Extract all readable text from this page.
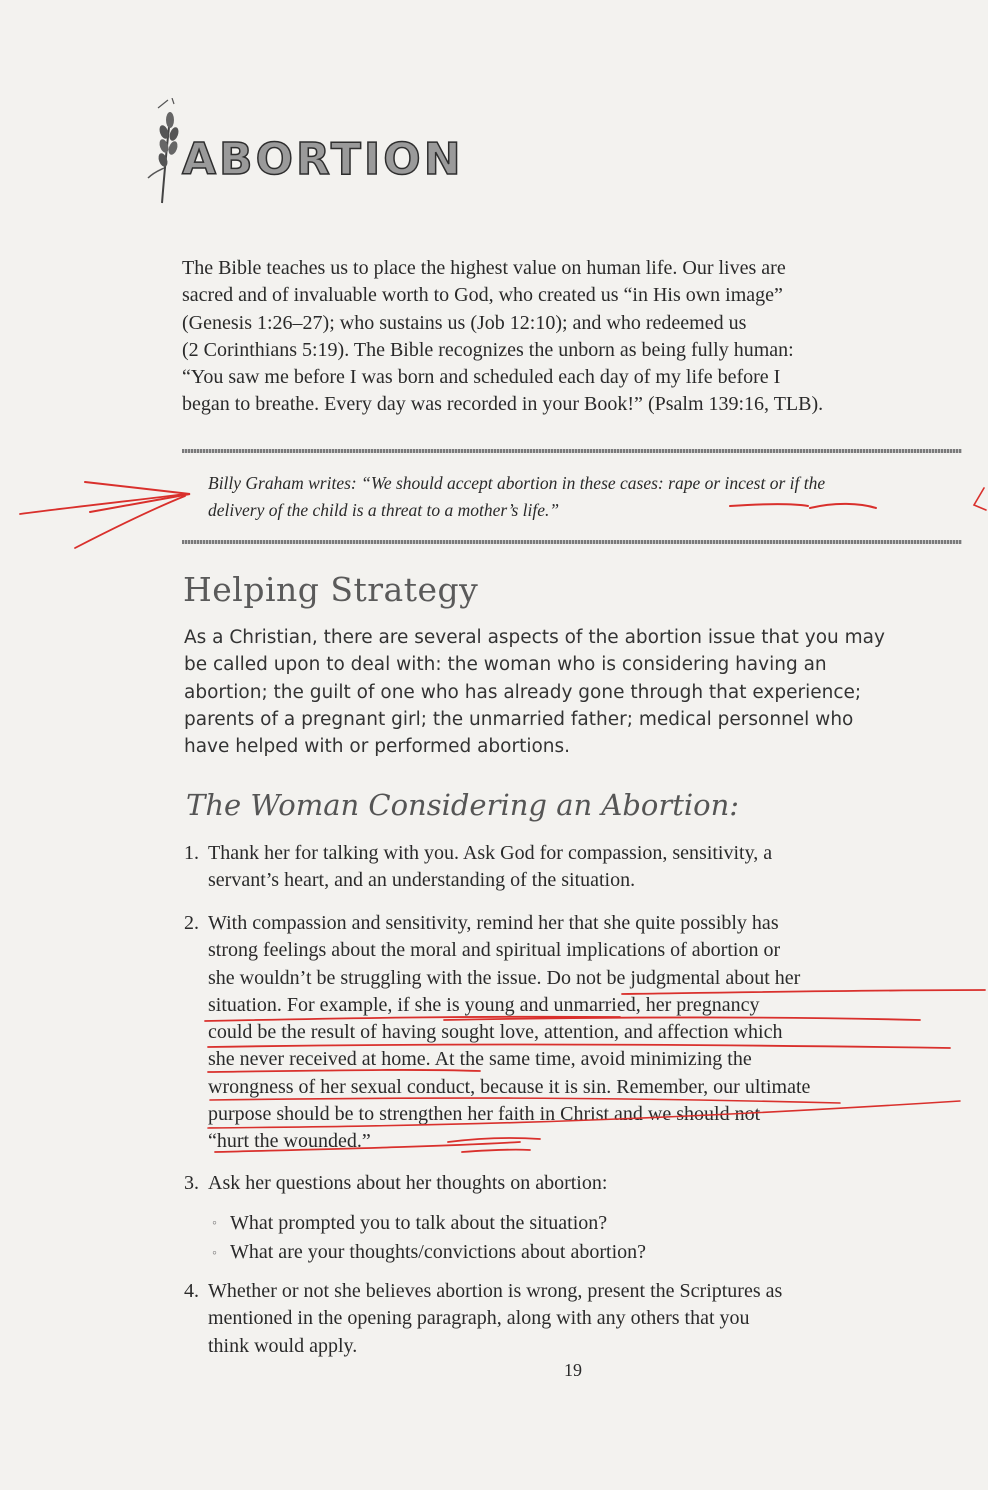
ABORTION

The Bible teaches us to place the highest value on human life. Our lives are
sacred and of invaluable worth to God, who created us “in His own image”
(Genesis 1:26–27); who sustains us (Job 12:10); and who redeemed us
(2 Corinthians 5:19). The Bible recognizes the unborn as being fully human:
“You saw me before I was born and scheduled each day of my life before I
began to breathe. Every day was recorded in your Book!” (Psalm 139:16, TLB).

Billy Graham writes: “We should accept abortion in these cases: rape or incest or if the
delivery of the child is a threat to a mother’s life.”

Helping Strategy

As a Christian, there are several aspects of the abortion issue that you may
be called upon to deal with: the woman who is considering having an
abortion; the guilt of one who has already gone through that experience;
parents of a pregnant girl; the unmarried father; medical personnel who
have helped with or performed abortions.

The Woman Considering an Abortion:
1. Thank her for talking with you. Ask God for compassion, sensitivity, a
servant’s heart, and an understanding of the situation.
2. With compassion and sensitivity, remind her that she quite possibly has
strong feelings about the moral and spiritual implications of abortion or
she wouldn’t be struggling with the issue. Do not be judgmental about her
situation. For example, if she is young and unmarried, her pregnancy
could be the result of having sought love, attention, and affection which
she never received at home. At the same time, avoid minimizing the
wrongness of her sexual conduct, because it is sin. Remember, our ultimate
purpose should be to strengthen her faith in Christ and we should not
“hurt the wounded.”
3. Ask her questions about her thoughts on abortion:
◦ What prompted you to talk about the situation?
◦ What are your thoughts/convictions about abortion?
4. Whether or not she believes abortion is wrong, present the Scriptures as
mentioned in the opening paragraph, along with any others that you
think would apply.
19
